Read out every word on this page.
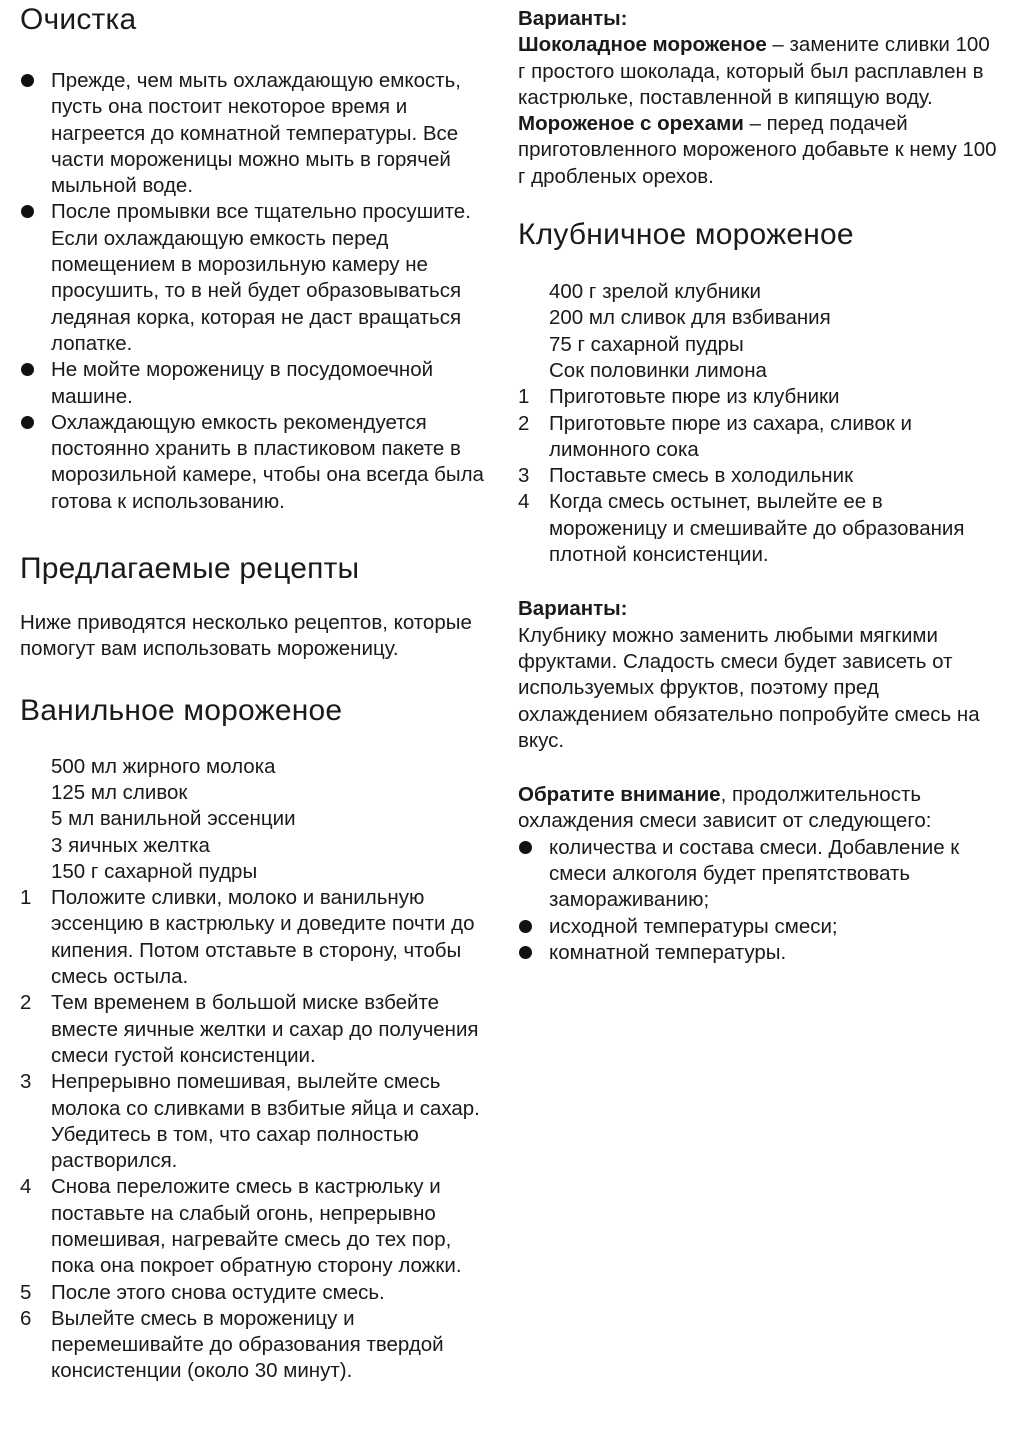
Очистка
Прежде, чем мыть охлаждающую емкость, пусть она постоит некоторое время и нагреется до комнатной температуры. Все части мороженицы можно мыть в горячей мыльной воде.
После промывки все тщательно просушите. Если охлаждающую емкость перед помещением в морозильную камеру не просушить, то в ней будет образовываться ледяная корка, которая не даст вращаться лопатке.
Не мойте мороженицу в посудомоечной машине.
Охлаждающую емкость рекомендуется постоянно хранить в пластиковом пакете в морозильной камере, чтобы она всегда была готова к использованию.
Предлагаемые рецепты

Ниже приводятся несколько рецептов, которые помогут вам использовать мороженицу.

Ванильное мороженое
500 мл жирного молока
125 мл сливок
5 мл ванильной эссенции
3 яичных желтка
150 г сахарной пудры
1 Положите сливки, молоко и ванильную эссенцию в кастрюльку и доведите почти до кипения. Потом отставьте в сторону, чтобы смесь остыла.
2 Тем временем в большой миске взбейте вместе яичные желтки и сахар до получения смеси густой консистенции.
3 Непрерывно помешивая, вылейте смесь молока со сливками в взбитые яйца и сахар. Убедитесь в том, что сахар полностью растворился.
4 Снова переложите смесь в кастрюльку и поставьте на слабый огонь, непрерывно помешивая, нагревайте смесь до тех пор, пока она покроет обратную сторону ложки.
5 После этого снова остудите смесь.
6 Вылейте смесь в мороженицу и перемешивайте до образования твердой консистенции (около 30 минут).
Варианты:

Шоколадное мороженое – замените сливки 100 г простого шоколада, который был расплавлен в кастрюльке, поставленной в кипящую воду.

Мороженое с орехами – перед подачей приготовленного мороженого добавьте к нему 100 г дробленых орехов.

Клубничное мороженое
400 г зрелой клубники
200 мл сливок для взбивания
75 г сахарной пудры
Сок половинки лимона
1 Приготовьте пюре из клубники
2 Приготовьте пюре из сахара, сливок и лимонного сока
3 Поставьте смесь в холодильник
4 Когда смесь остынет, вылейте ее в мороженицу и смешивайте до образования плотной консистенции.
Варианты:

Клубнику можно заменить любыми мягкими фруктами. Сладость смеси будет зависеть от используемых фруктов, поэтому пред охлаждением обязательно попробуйте смесь на вкус.

Обратите внимание, продолжительность охлаждения смеси зависит от следующего:

количества и состава смеси. Добавление к смеси алкоголя будет препятствовать замораживанию;
исходной температуры смеси;
комнатной температуры.
